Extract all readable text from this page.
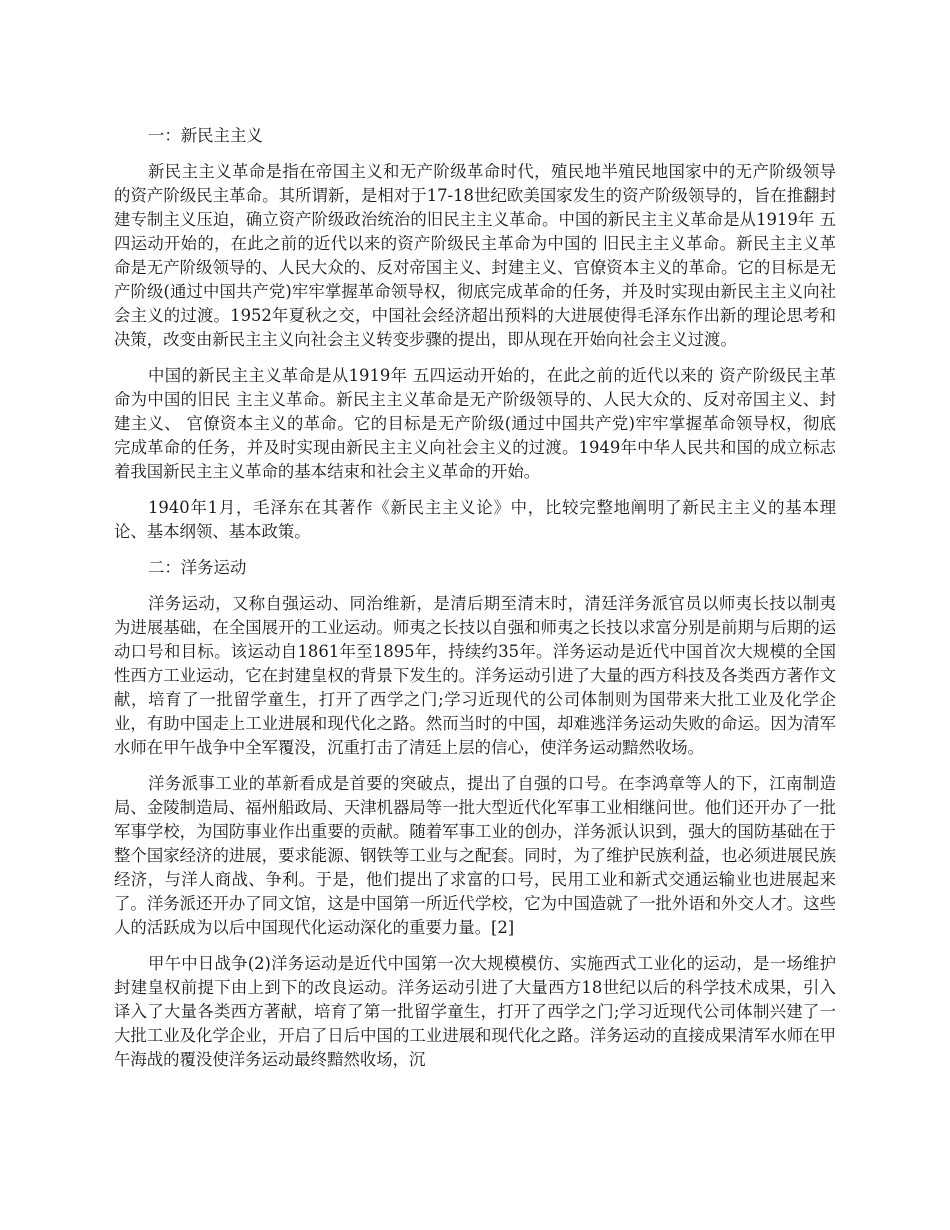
一：新民主主义

新民主主义革命是指在帝国主义和无产阶级革命时代，殖民地半殖民地国家中的无产阶级领导的资产阶级民主革命。其所谓新，是相对于17-18世纪欧美国家发生的资产阶级领导的，旨在推翻封建专制主义压迫，确立资产阶级政治统治的旧民主主义革命。中国的新民主主义革命是从1919年 五四运动开始的，在此之前的近代以来的资产阶级民主革命为中国的 旧民主主义革命。新民主主义革命是无产阶级领导的、人民大众的、反对帝国主义、封建主义、官僚资本主义的革命。它的目标是无产阶级(通过中国共产党)牢牢掌握革命领导权，彻底完成革命的任务，并及时实现由新民主主义向社会主义的过渡。1952年夏秋之交，中国社会经济超出预料的大进展使得毛泽东作出新的理论思考和决策，改变由新民主主义向社会主义转变步骤的提出，即从现在开始向社会主义过渡。

中国的新民主主义革命是从1919年 五四运动开始的，在此之前的近代以来的 资产阶级民主革命为中国的旧民 主主义革命。新民主主义革命是无产阶级领导的、人民大众的、反对帝国主义、封建主义、 官僚资本主义的革命。它的目标是无产阶级(通过中国共产党)牢牢掌握革命领导权，彻底完成革命的任务，并及时实现由新民主主义向社会主义的过渡。1949年中华人民共和国的成立标志着我国新民主主义革命的基本结束和社会主义革命的开始。

1940年1月，毛泽东在其著作《新民主主义论》中，比较完整地阐明了新民主主义的基本理论、基本纲领、基本政策。

二：洋务运动

洋务运动，又称自强运动、同治维新，是清后期至清末时，清廷洋务派官员以师夷长技以制夷为进展基础，在全国展开的工业运动。师夷之长技以自强和师夷之长技以求富分别是前期与后期的运动口号和目标。该运动自1861年至1895年，持续约35年。洋务运动是近代中国首次大规模的全国性西方工业运动，它在封建皇权的背景下发生的。洋务运动引进了大量的西方科技及各类西方著作文献，培育了一批留学童生，打开了西学之门;学习近现代的公司体制则为国带来大批工业及化学企业，有助中国走上工业进展和现代化之路。然而当时的中国，却难逃洋务运动失败的命运。因为清军水师在甲午战争中全军覆没，沉重打击了清廷上层的信心，使洋务运动黯然收场。

洋务派事工业的革新看成是首要的突破点，提出了自强的口号。在李鸿章等人的下，江南制造局、金陵制造局、福州船政局、天津机器局等一批大型近代化军事工业相继问世。他们还开办了一批军事学校，为国防事业作出重要的贡献。随着军事工业的创办，洋务派认识到，强大的国防基础在于整个国家经济的进展，要求能源、钢铁等工业与之配套。同时，为了维护民族利益，也必须进展民族经济，与洋人商战、争利。于是，他们提出了求富的口号，民用工业和新式交通运输业也进展起来了。洋务派还开办了同文馆，这是中国第一所近代学校，它为中国造就了一批外语和外交人才。这些人的活跃成为以后中国现代化运动深化的重要力量。[2]

甲午中日战争(2)洋务运动是近代中国第一次大规模模仿、实施西式工业化的运动，是一场维护封建皇权前提下由上到下的改良运动。洋务运动引进了大量西方18世纪以后的科学技术成果，引入译入了大量各类西方著献，培育了第一批留学童生，打开了西学之门;学习近现代公司体制兴建了一大批工业及化学企业，开启了日后中国的工业进展和现代化之路。洋务运动的直接成果清军水师在甲午海战的覆没使洋务运动最终黯然收场，沉
